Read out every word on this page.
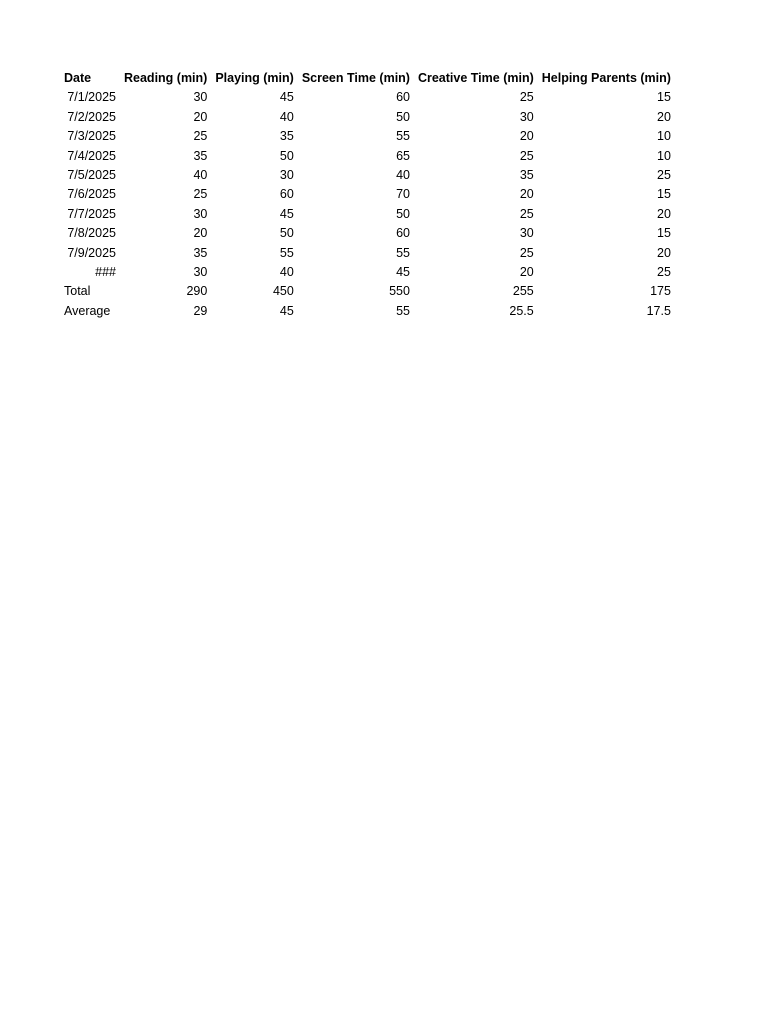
Date	Reading (min)	Playing (min)	Screen Time (min)	Creative Time (min)	Helping Parents (min)
7/1/2025	30	45	60	25	15
7/2/2025	20	40	50	30	20
7/3/2025	25	35	55	20	10
7/4/2025	35	50	65	25	10
7/5/2025	40	30	40	35	25
7/6/2025	25	60	70	20	15
7/7/2025	30	45	50	25	20
7/8/2025	20	50	60	30	15
7/9/2025	35	55	55	25	20
###	30	40	45	20	25
Total	290	450	550	255	175
Average	29	45	55	25.5	17.5
